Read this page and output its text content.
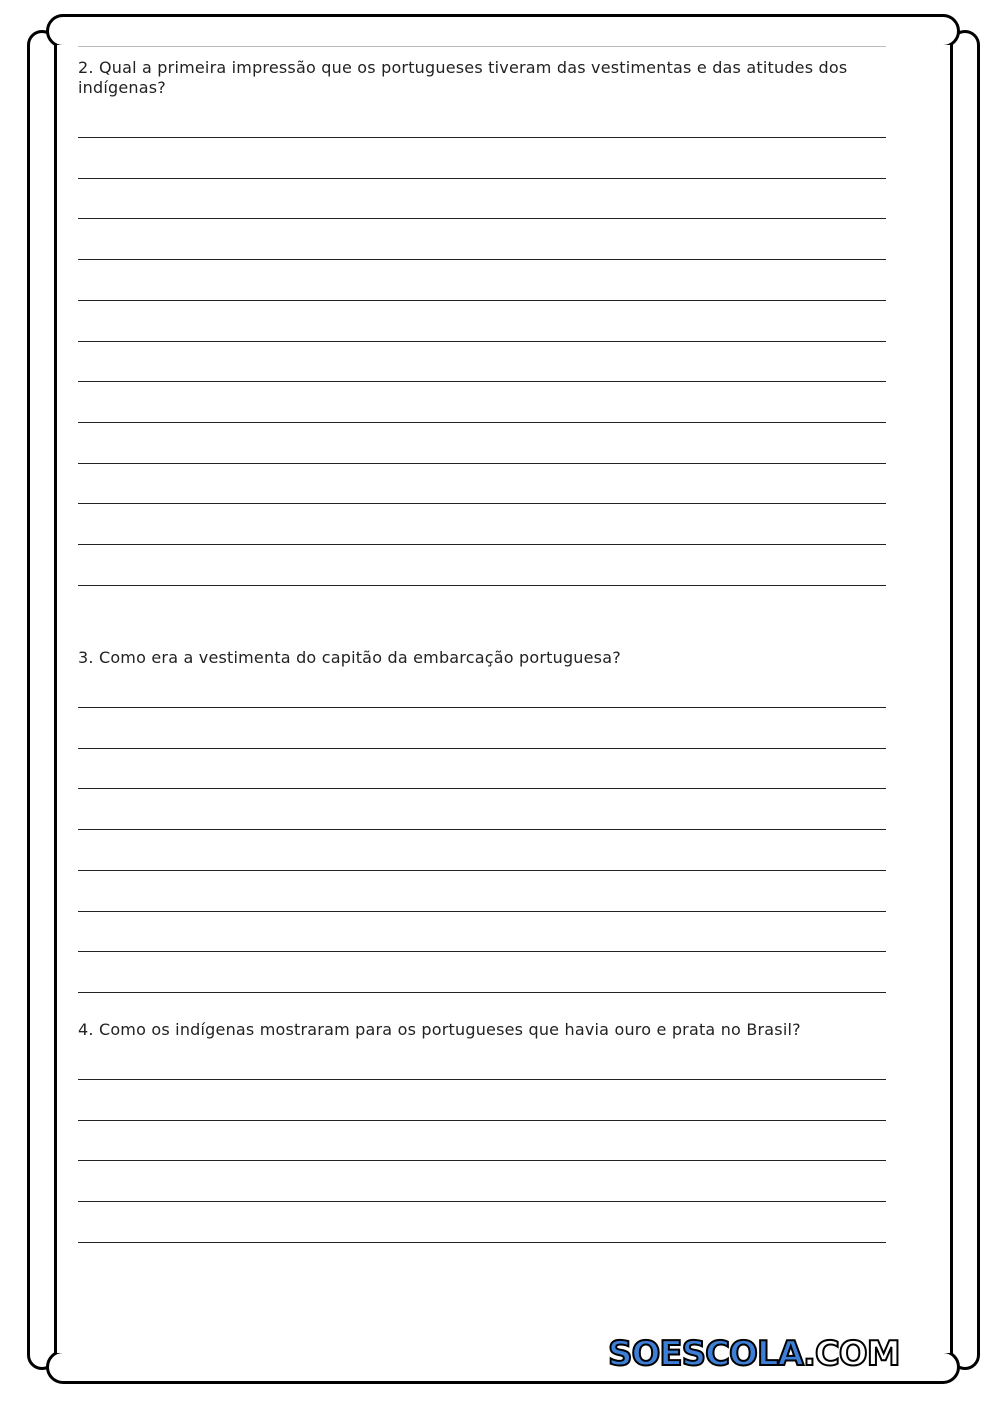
2. Qual a primeira impressão que os portugueses tiveram das vestimentas e das atitudes dos indígenas?

3. Como era a vestimenta do capitão da embarcação portuguesa?

4. Como os indígenas mostraram para os portugueses que havia ouro e prata no Brasil?

SOESCOLA .COM
